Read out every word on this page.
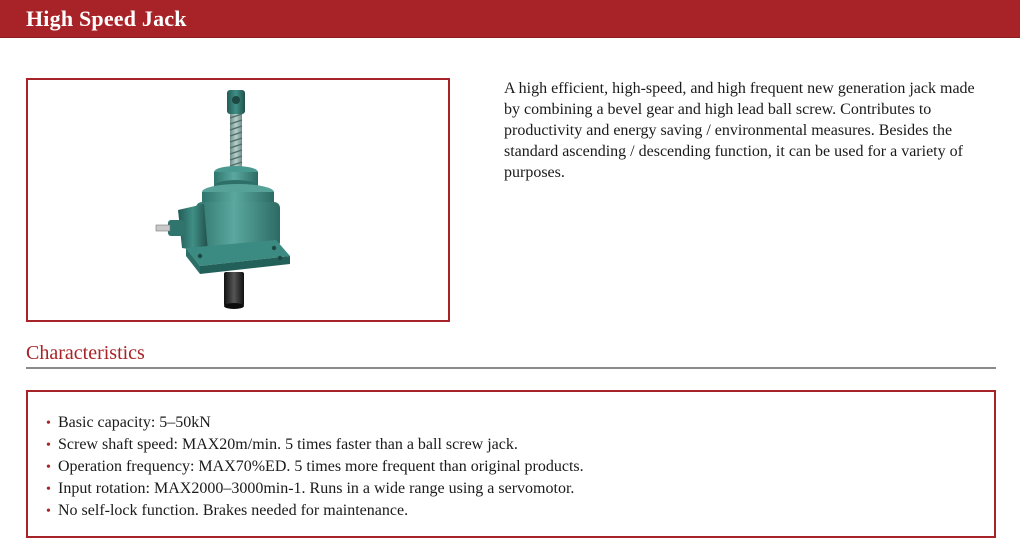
High Speed Jack

A high efficient, high-speed, and high frequent new generation jack made by combining a bevel gear and high lead ball screw. Contributes to productivity and energy saving / environmental measures. Besides the standard ascending / descending function, it can be used for a variety of purposes.

Characteristics
• Basic capacity: 5–50kN
• Screw shaft speed: MAX20m/min. 5 times faster than a ball screw jack.
• Operation frequency: MAX70%ED. 5 times more frequent than original products.
• Input rotation: MAX2000–3000min-1. Runs in a wide range using a servomotor.
• No self-lock function. Brakes needed for maintenance.
